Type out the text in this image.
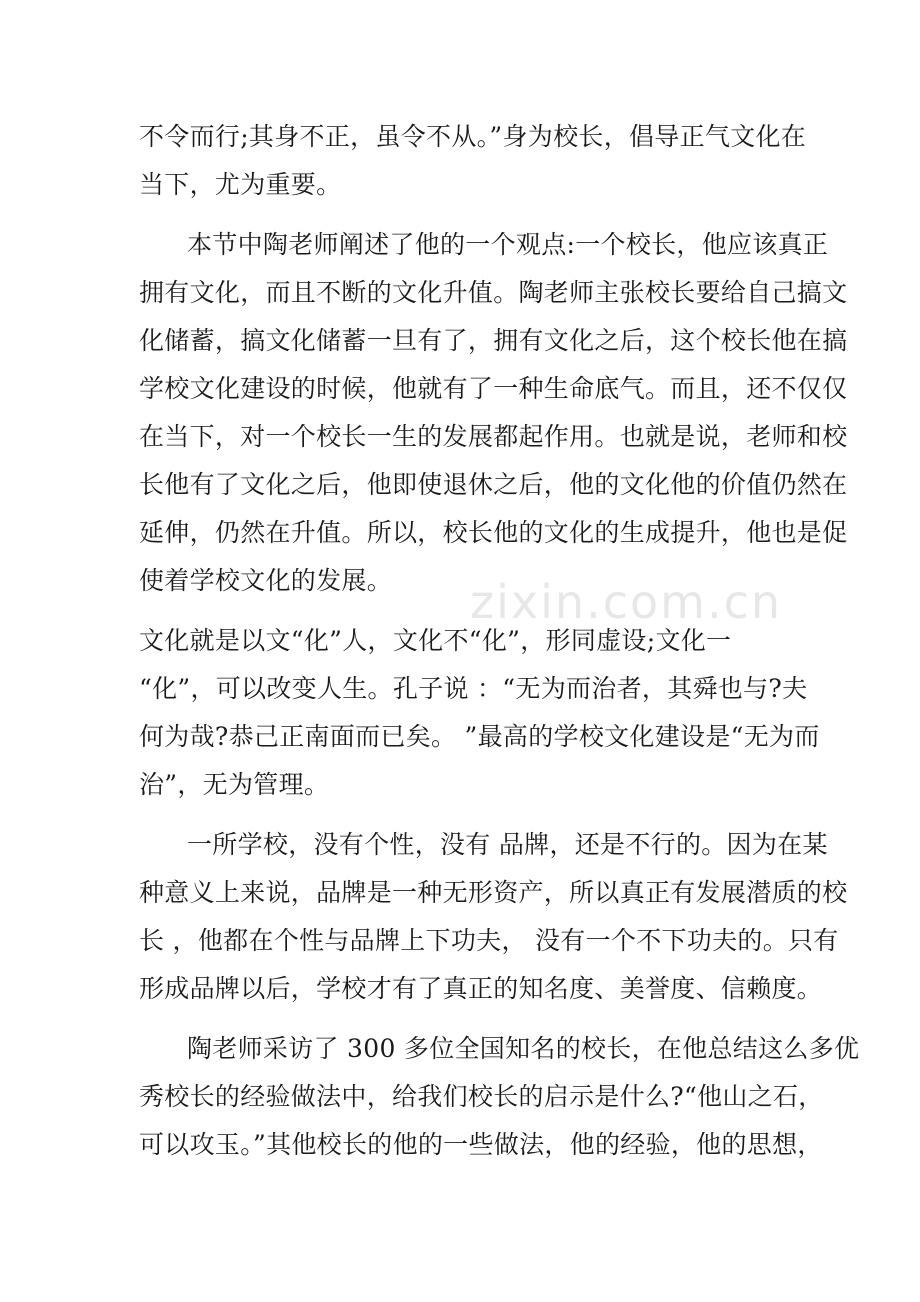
zixin.com.cn
不令而行;其身不正，虽令不从。”身为校长，倡导正气文化在
当下，尤为重要。
本节中陶老师阐述了他的一个观点:一个校长，他应该真正
拥有文化，而且不断的文化升值。陶老师主张校长要给自己搞文
化储蓄，搞文化储蓄一旦有了，拥有文化之后，这个校长他在搞
学校文化建设的时候，他就有了一种生命底气。而且，还不仅仅
在当下，对一个校长一生的发展都起作用。也就是说，老师和校
长他有了文化之后，他即使退休之后，他的文化他的价值仍然在
延伸，仍然在升值。所以，校长他的文化的生成提升，他也是促
使着学校文化的发展。
文化就是以文“化”人，文化不“化”，形同虚设;文化一
“化”，可以改变人生。孔子说 ：“无为而治者，其舜也与?夫
何为哉?恭己正南面而已矣。 ”最高的学校文化建设是“无为而
治”，无为管理。
一所学校，没有个性，没有 品牌，还是不行的。因为在某
种意义上来说，品牌是一种无形资产，所以真正有发展潜质的校
长 ，他都在个性与品牌上下功夫， 没有一个不下功夫的。只有
形成品牌以后，学校才有了真正的知名度、美誉度、信赖度。
陶老师采访了 300 多位全国知名的校长，在他总结这么多优
秀校长的经验做法中，给我们校长的启示是什么?“他山之石，
可以攻玉。”其他校长的他的一些做法，他的经验，他的思想，
